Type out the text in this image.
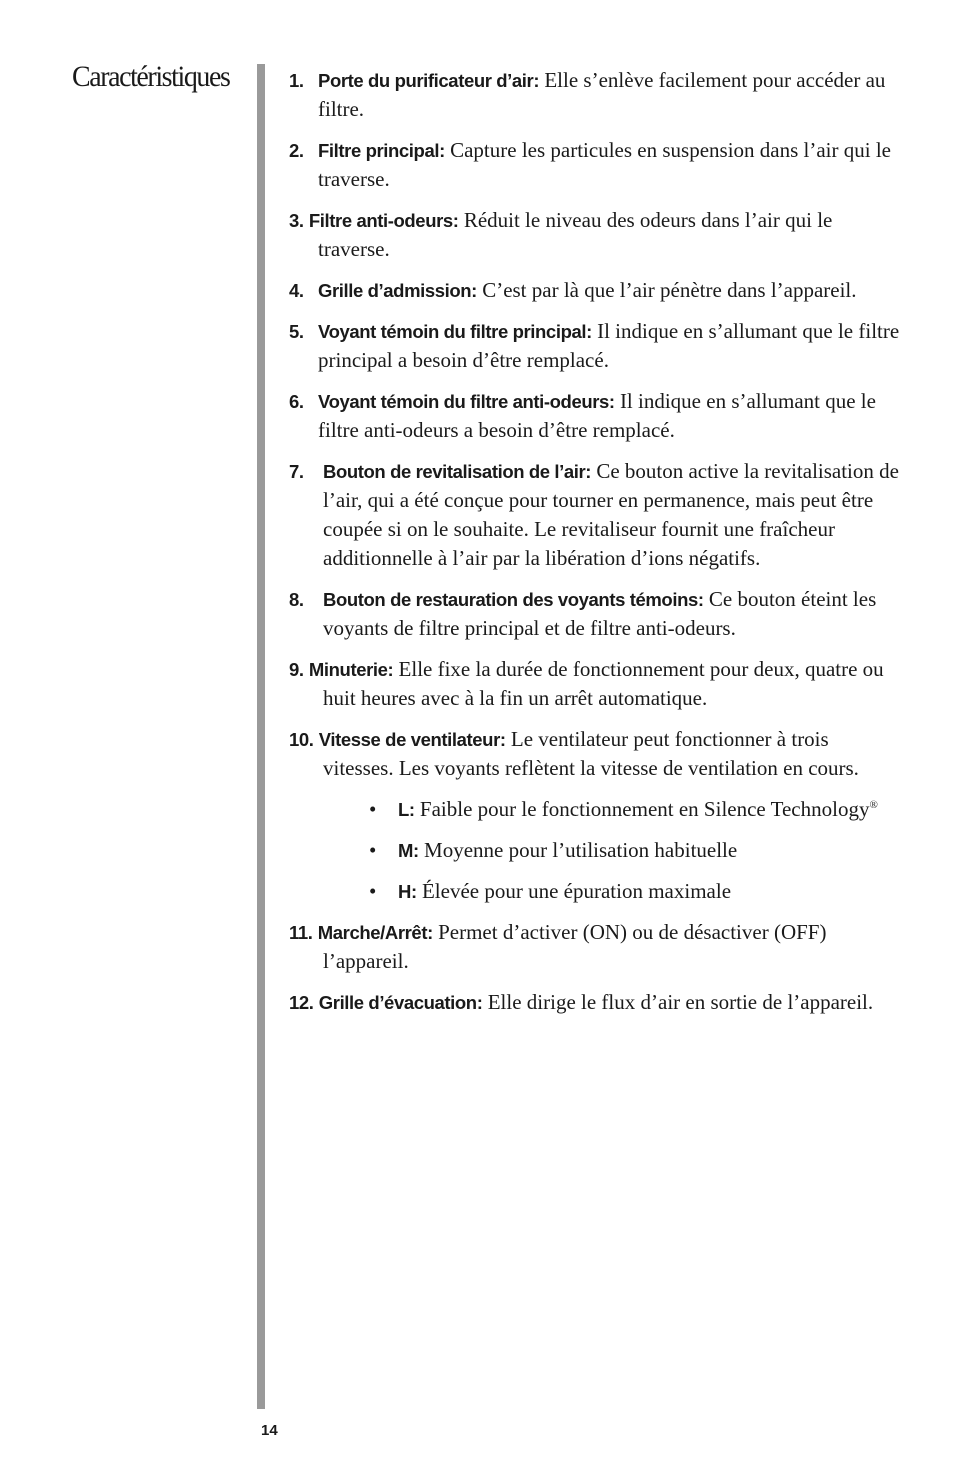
Caractéristiques	1. Porte du purificateur d’air: Elle s’enlève facilement pour accéder au filtre.
2. Filtre principal: Capture les particules en suspension dans l’air qui le traverse.
3. Filtre anti-odeurs: Réduit le niveau des odeurs dans l’air qui le traverse.
4. Grille d’admission: C’est par là que l’air pénètre dans l’appareil.
5. Voyant témoin du filtre principal: Il indique en s’allumant que le filtre principal a besoin d’être remplacé.
6. Voyant témoin du filtre anti-odeurs: Il indique en s’allumant que le filtre anti-odeurs a besoin d’être remplacé.
7.	Bouton de revitalisation de l’air: Ce bouton active la revitalisation de l’air, qui a été conçue pour tourner en permanence, mais peut être coupée si on le souhaite. Le revitaliseur fournit une fraîcheur additionnelle à l’air par la libération d’ions négatifs.
8.	Bouton de restauration des voyants témoins: Ce bouton éteint les voyants de filtre principal et de filtre anti-odeurs.
9. Minuterie: Elle fixe la durée de fonctionnement pour deux, quatre ou huit heures avec à la fin un arrêt automatique.
10. Vitesse de ventilateur: Le ventilateur peut fonctionner à trois vitesses. Les voyants reflètent la vitesse de ventilation en cours.
• L: Faible pour le fonctionnement en Silence Technology®
• M: Moyenne pour l’utilisation habituelle
• H: Élevée pour une épuration maximale
11. Marche/Arrêt: Permet d’activer (ON) ou de désactiver (OFF) l’appareil.
12. Grille d’évacuation: Elle dirige le flux d’air en sortie de l’appareil.
14
